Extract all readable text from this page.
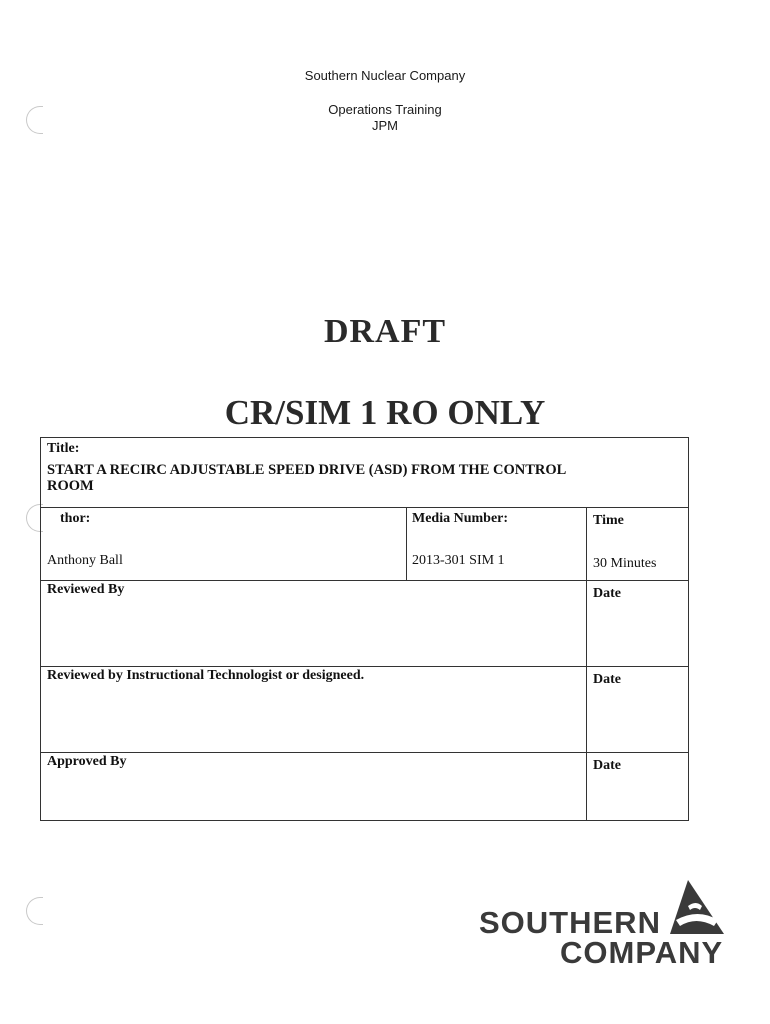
Southern Nuclear Company
Operations Training
JPM
DRAFT
CR/SIM 1 RO ONLY
Title:
START A RECIRC ADJUSTABLE SPEED DRIVE (ASD) FROM THE CONTROL
ROOM
thor:
Anthony Ball
Media Number:
2013-301 SIM 1
Time
30 Minutes
Reviewed By	Date
Reviewed by Instructional Technologist or designeed.	Date
Approved By	Date
SOUTHERN
COMPANY
